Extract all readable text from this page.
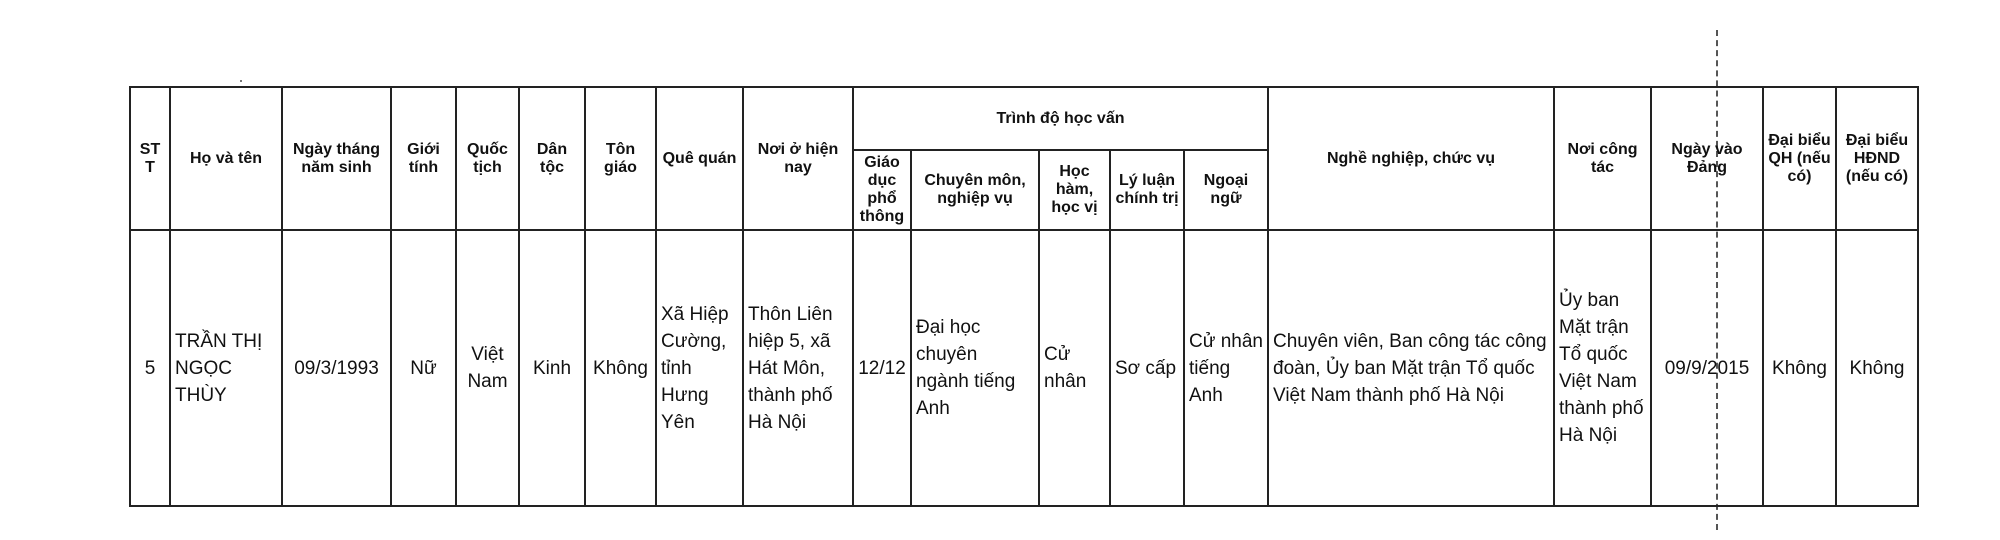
ST T	Họ và tên	Ngày tháng năm sinh	Giới tính	Quốc tịch	Dân tộc	Tôn giáo	Quê quán	Nơi ở hiện nay	Trình độ học vấn					Nghề nghiệp, chức vụ	Nơi công tác	Ngày vào Đảng	Đại biểu QH (nếu có)	Đại biểu HĐND (nếu có)
									Giáo dục phổ thông	Chuyên môn, nghiệp vụ	Học hàm, học vị	Lý luận chính trị	Ngoại ngữ					
5	TRẦN THỊ NGỌC THÙY	09/3/1993	Nữ	Việt Nam	Kinh	Không	Xã Hiệp Cường, tỉnh Hưng Yên	Thôn Liên hiệp 5, xã Hát Môn, thành phố Hà Nội	12/12	Đại học chuyên ngành tiếng Anh	Cử nhân	Sơ cấp	Cử nhân tiếng Anh	Chuyên viên, Ban công tác công đoàn, Ủy ban Mặt trận Tổ quốc Việt Nam thành phố Hà Nội	Ủy ban Mặt trận Tổ quốc Việt Nam thành phố Hà Nội	09/9/2015	Không	Không
